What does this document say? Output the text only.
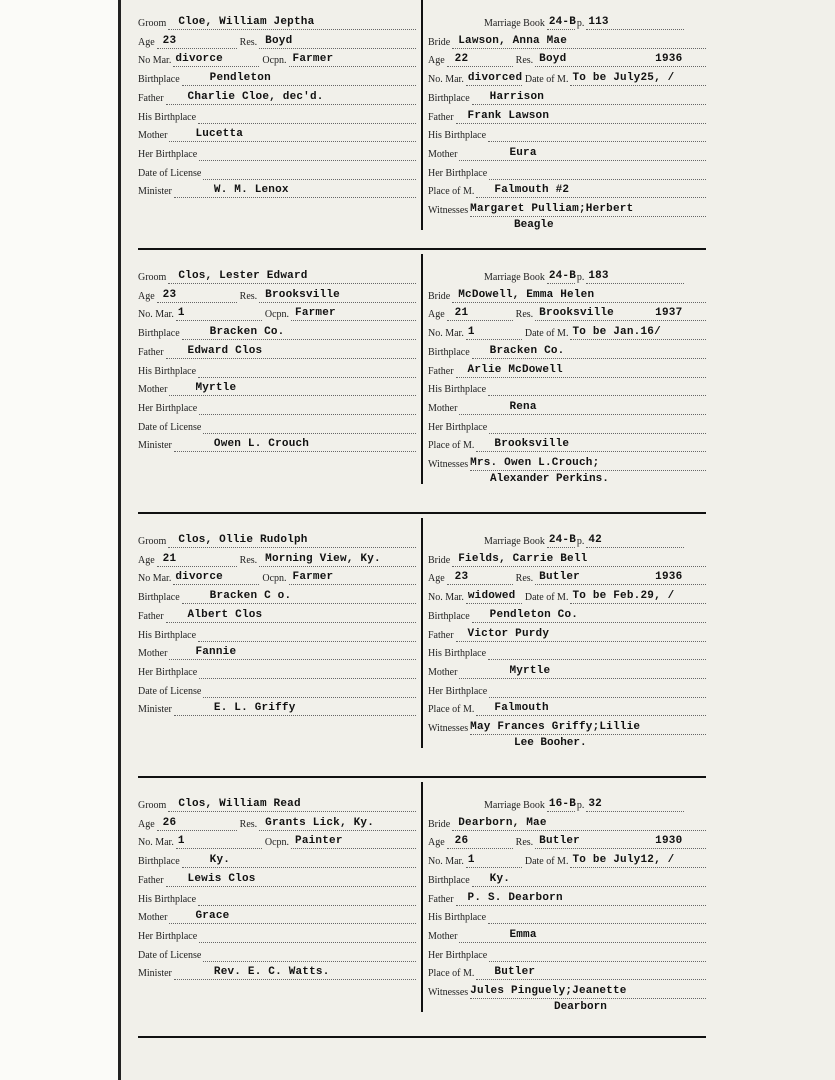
Groom Cloe, William Jeptha
Age 23	Res. Boyd
No Mar. divorce	Ocpn. Farmer
Birthplace	Pendleton
Father Charlie Cloe, dec'd.
His Birthplace
Mother	Lucetta
Her Birthplace
Date of License
Minister	W. M. Lenox
Marriage Book 24-B p. 113
Bride Lawson, Anna Mae
Age 22	Res. Boyd	1936
No. Mar. divorced Date of M. To be July25, /
Birthplace Harrison
Father Frank Lawson
His Birthplace
Mother	Eura
Her Birthplace
Place of M. Falmouth #2
Witnesses Margaret Pulliam;Herbert
Beagle
Groom Clos, Lester Edward
Age 23	Res. Brooksville
No. Mar. 1	Ocpn. Farmer
Birthplace	Bracken Co.
Father Edward Clos
His Birthplace
Mother	Myrtle
Her Birthplace
Date of License
Minister	Owen L. Crouch
Marriage Book 24-B p. 183
Bride McDowell, Emma Helen
Age 21	Res. Brooksville	1937
No. Mar. 1	Date of M. To be Jan.16/
Birthplace Bracken Co.
Father Arlie McDowell
His Birthplace
Mother	Rena
Her Birthplace
Place of M. Brooksville
Witnesses Mrs. Owen L.Crouch;
Alexander Perkins.
Groom Clos, Ollie Rudolph
Age 21	Res. Morning View, Ky.
No Mar. divorce	Ocpn. Farmer
Birthplace	Bracken C o.
Father Albert Clos
His Birthplace
Mother	Fannie
Her Birthplace
Date of License
Minister	E. L. Griffy
Marriage Book 24-B p. 42
Bride Fields, Carrie Bell
Age 23	Res. Butler	1936
No. Mar. widowed Date of M. To be Feb.29, /
Birthplace Pendleton Co.
Father Victor Purdy
His Birthplace
Mother	Myrtle
Her Birthplace
Place of M. Falmouth
Witnesses May Frances Griffy;Lillie
Lee Booher.
Groom Clos, William Read
Age 26	Res. Grants Lick, Ky.
No. Mar. 1	Ocpn. Painter
Birthplace	Ky.
Father Lewis Clos
His Birthplace
Mother	Grace
Her Birthplace
Date of License
Minister	Rev. E. C. Watts.
Marriage Book 16-B p. 32
Bride Dearborn, Mae
Age 26	Res. Butler	1930
No. Mar. 1	Date of M. To be July12, /
Birthplace Ky.
Father P. S. Dearborn
His Birthplace
Mother	Emma
Her Birthplace
Place of M. Butler
Witnesses Jules Pinguely;Jeanette
Dearborn
